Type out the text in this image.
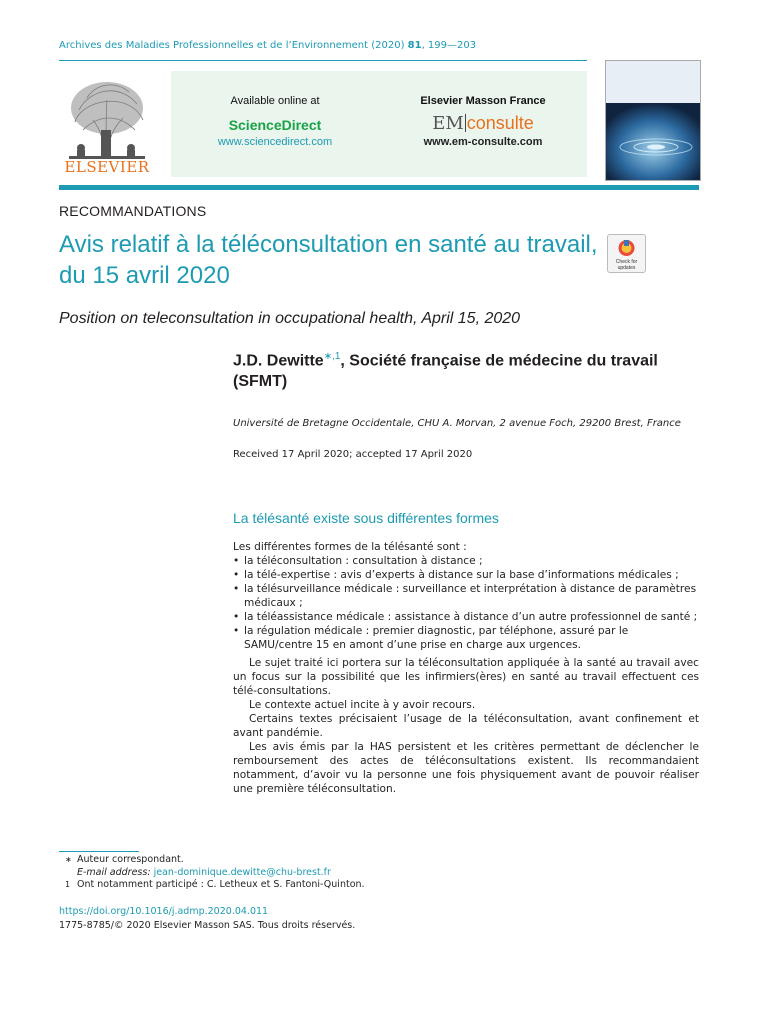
Archives des Maladies Professionnelles et de l’Environnement (2020) 81, 199—203
ELSEVIER
Available online at
ScienceDirect
www.sciencedirect.com
Elsevier Masson France
EM consulte
www.em-consulte.com
RECOMMANDATIONS
Avis relatif à la téléconsultation en santé au travail, du 15 avril 2020	Check for updates
Position on teleconsultation in occupational health, April 15, 2020
J.D. Dewitte$^{∗,1}$, Société française de médecine du travail (SFMT)
Université de Bretagne Occidentale, CHU A. Morvan, 2 avenue Foch, 29200 Brest, France
Received 17 April 2020; accepted 17 April 2020
La télésanté existe sous différentes formes

Les différentes formes de la télésanté sont :

• la téléconsultation : consultation à distance ;
• la télé-expertise : avis d’experts à distance sur la base d’informations médicales ;
• la télésurveillance médicale : surveillance et interprétation à distance de paramètres médicaux ;
• la téléassistance médicale : assistance à distance d’un autre professionnel de santé ;
• la régulation médicale : premier diagnostic, par téléphone, assuré par le SAMU/centre 15 en amont d’une prise en charge aux urgences.

Le sujet traité ici portera sur la téléconsultation appliquée à la santé au travail avec un focus sur la possibilité que les infirmiers(ères) en santé au travail effectuent ces télé-consultations.

Le contexte actuel incite à y avoir recours.

Certains textes précisaient l’usage de la téléconsultation, avant confinement et avant pandémie.

Les avis émis par la HAS persistent et les critères permettant de déclencher le remboursement des actes de téléconsultations existent. Ils recommandaient notamment, d’avoir vu la personne une fois physiquement avant de pouvoir réaliser une première téléconsultation.

∗ Auteur correspondant.
E-mail address: jean-dominique.dewitte@chu-brest.fr
1 Ont notamment participé : C. Letheux et S. Fantoni-Quinton.
https://doi.org/10.1016/j.admp.2020.04.011
1775-8785/© 2020 Elsevier Masson SAS. Tous droits réservés.
